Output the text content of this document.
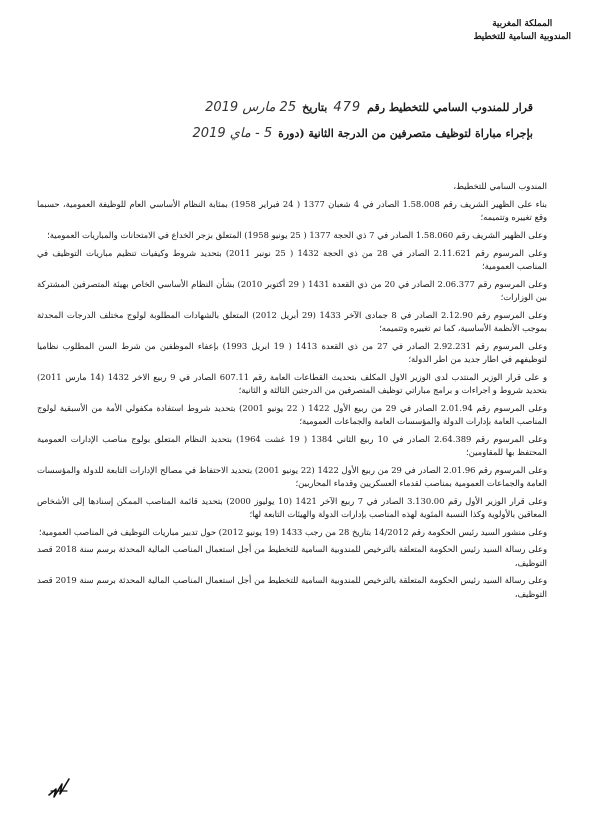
المملكة المغربية
المندوبية السامية للتخطيط
قرار للمندوب السامي للتخطيط رقم
479
بتاريخ
25 مارس 2019
بإجراء مباراة لتوظيف متصرفين من الدرجة الثانية (دورة
5 - ماي 2019

المندوب السامي للتخطيط،

بناء على الظهير الشريف رقم 1.58.008 الصادر في 4 شعبان 1377 ( 24 فبراير 1958) بمثابة النظام الأساسي العام للوظيفة العمومية، حسبما وقع تغييره وتتميمه؛

وعلى الظهير الشريف رقم 1.58.060 الصادر في 7 ذي الحجة 1377 ( 25 يونيو 1958) المتعلق بزجر الخداع في الامتحانات والمباريات العمومية؛

وعلى المرسوم رقم 2.11.621 الصادر في 28 من ذي الحجة 1432 ( 25 نونبر 2011) بتحديد شروط وكيفيات تنظيم مباريات التوظيف في المناصب العمومية؛

وعلى المرسوم رقم 2.06.377 الصادر في 20 من ذي القعدة 1431 ( 29 أكتوبر 2010) بشأن النظام الأساسي الخاص بهيئة المتصرفين المشتركة بين الوزارات؛

وعلى المرسوم رقم 2.12.90 الصادر في 8 جمادى الآخر 1433 (29 أبريل 2012) المتعلق بالشهادات المطلوبة لولوج مختلف الدرجات المحدثة بموجب الأنظمة الأساسية، كما تم تغييره وتتميمه؛

وعلى المرسوم رقم 2.92.231 الصادر في 27 من ذي القعدة 1413 ( 19 ابريل 1993) بإعفاء الموظفين من شرط السن المطلوب نظاميا لتوظيفهم في اطار جديد من اطر الدولة؛

و على قرار الوزير المنتدب لدى الوزير الاول المكلف بتحديث القطاعات العامة رقم 607.11 الصادر في 9 ربيع الاخر 1432 (14 مارس 2011) بتحديد شروط و اجراءات و برامج مباراتي توظيف المتصرفين من الدرجتين الثالثة و الثانية؛

وعلى المرسوم رقم 2.01.94 الصادر في 29 من ربيع الأول 1422 ( 22 يونيو 2001) بتحديد شروط استفادة مكفولي الأمة من الأسبقية لولوج المناصب العامة بإدارات الدولة والمؤسسات العامة والجماعات العمومية؛

وعلى المرسوم رقم 2.64.389 الصادر في 10 ربيع الثاني 1384 ( 19 غشت 1964) بتحديد النظام المتعلق بولوج مناصب الإدارات العمومية المحتفظ بها للمقاومين؛

وعلى المرسوم رقم 2.01.96 الصادر في 29 من ربيع الأول 1422 (22 يونيو 2001) بتحديد الاحتفاظ في مصالح الإدارات التابعة للدولة والمؤسسات العامة والجماعات العمومية بمناصب لقدماء العسكريين وقدماء المحاربين؛

وعلى قرار الوزير الأول رقم 3.130.00 الصادر في 7 ربيع الآخر 1421 (10 يوليوز 2000) بتحديد قائمة المناصب الممكن إسنادها إلى الأشخاص المعاقين بالأولوية وكذا النسبة المئوية لهذه المناصب بإدارات الدولة والهيئات التابعة لها؛

وعلى منشور السيد رئيس الحكومة رقم 14/2012 بتاريخ 28 من رجب 1433 (19 يونيو 2012) حول تدبير مباريات التوظيف في المناصب العمومية؛

وعلى رسالة السيد رئيس الحكومة المتعلقة بالترخيص للمندوبية السامية للتخطيط من أجل استعمال المناصب المالية المحدثة برسم سنة 2018 قصد التوظيف،

وعلى رسالة السيد رئيس الحكومة المتعلقة بالترخيص للمندوبية السامية للتخطيط من أجل استعمال المناصب المالية المحدثة برسم سنة 2019 قصد التوظيف،
